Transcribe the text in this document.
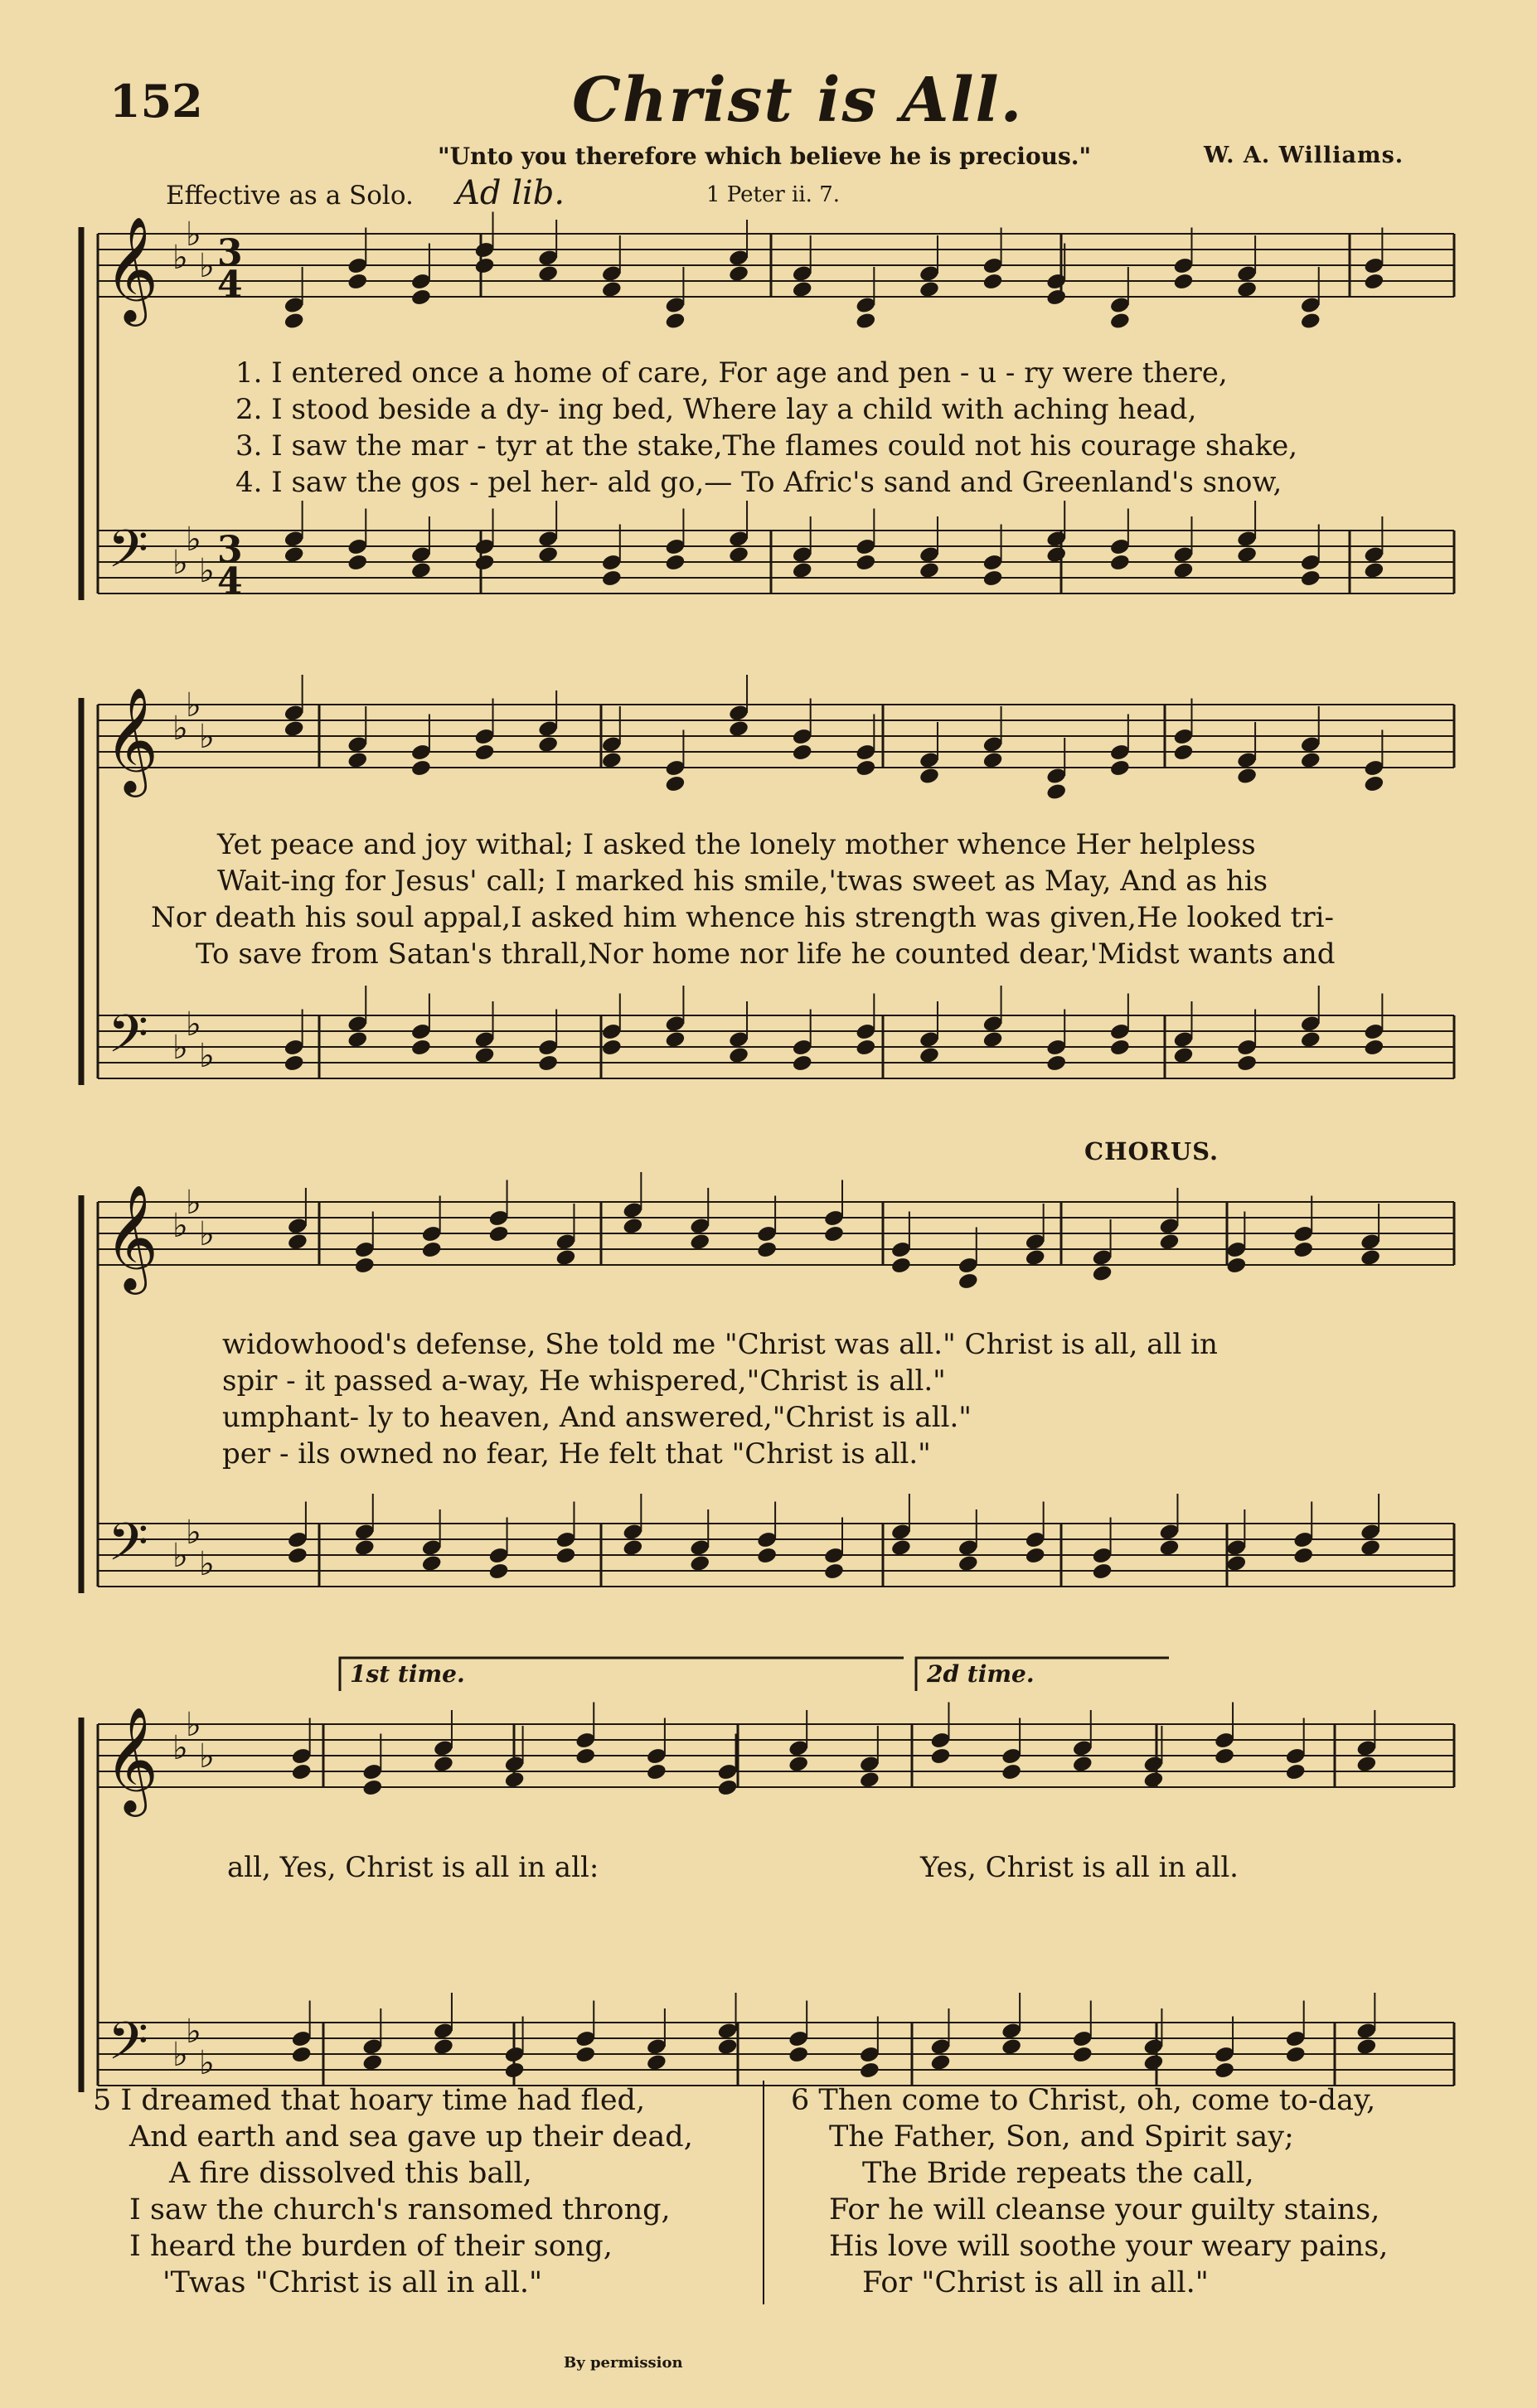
152	Christ is All.
"Unto you therefore which believe he is precious."	W. A. Williams.
Effective as a Solo. Ad lib.	1 Peter ii. 7.
𝄞
𝄢
♭
♭
♭
♭
♭
♭
𝄞
𝄢
♭
♭
♭
♭
♭
♭
𝄞
𝄢
♭
♭
♭
♭
♭
♭
𝄞
𝄢
♭
♭
♭
♭
♭
♭
3
3
4
4
1. I entered once a home of care, For age and pen - u - ry were there,
2. I stood beside a dy- ing bed, Where lay a child with aching head,
3. I saw the mar - tyr at the stake,The flames could not his courage shake,
4. I saw the gos - pel her- ald go,— To Afric's sand and Greenland's snow,
Yet peace and joy withal; I asked the lonely mother whence Her helpless
Wait-ing for Jesus' call; I marked his smile,'twas sweet as May, And as his
Nor death his soul appal,I asked him whence his strength was given,He looked tri-
To save from Satan's thrall,Nor home nor life he counted dear,'Midst wants and
CHORUS.
widowhood's defense, She told me "Christ was all." Christ is all, all in
spir - it passed a-way, He whispered,"Christ is all."
umphant- ly to heaven, And answered,"Christ is all."
per - ils owned no fear, He felt that "Christ is all."
1st time.	2d time.
all, Yes, Christ is all in all:	Yes, Christ is all in all.
5 I dreamed that hoary time had fled,
And earth and sea gave up their dead,
A fire dissolved this ball,
I saw the church's ransomed throng,
I heard the burden of their song,
'Twas "Christ is all in all."
6 Then come to Christ, oh, come to-day,
The Father, Son, and Spirit say;
The Bride repeats the call,
For he will cleanse your guilty stains,
His love will soothe your weary pains,
For "Christ is all in all."
By permission
